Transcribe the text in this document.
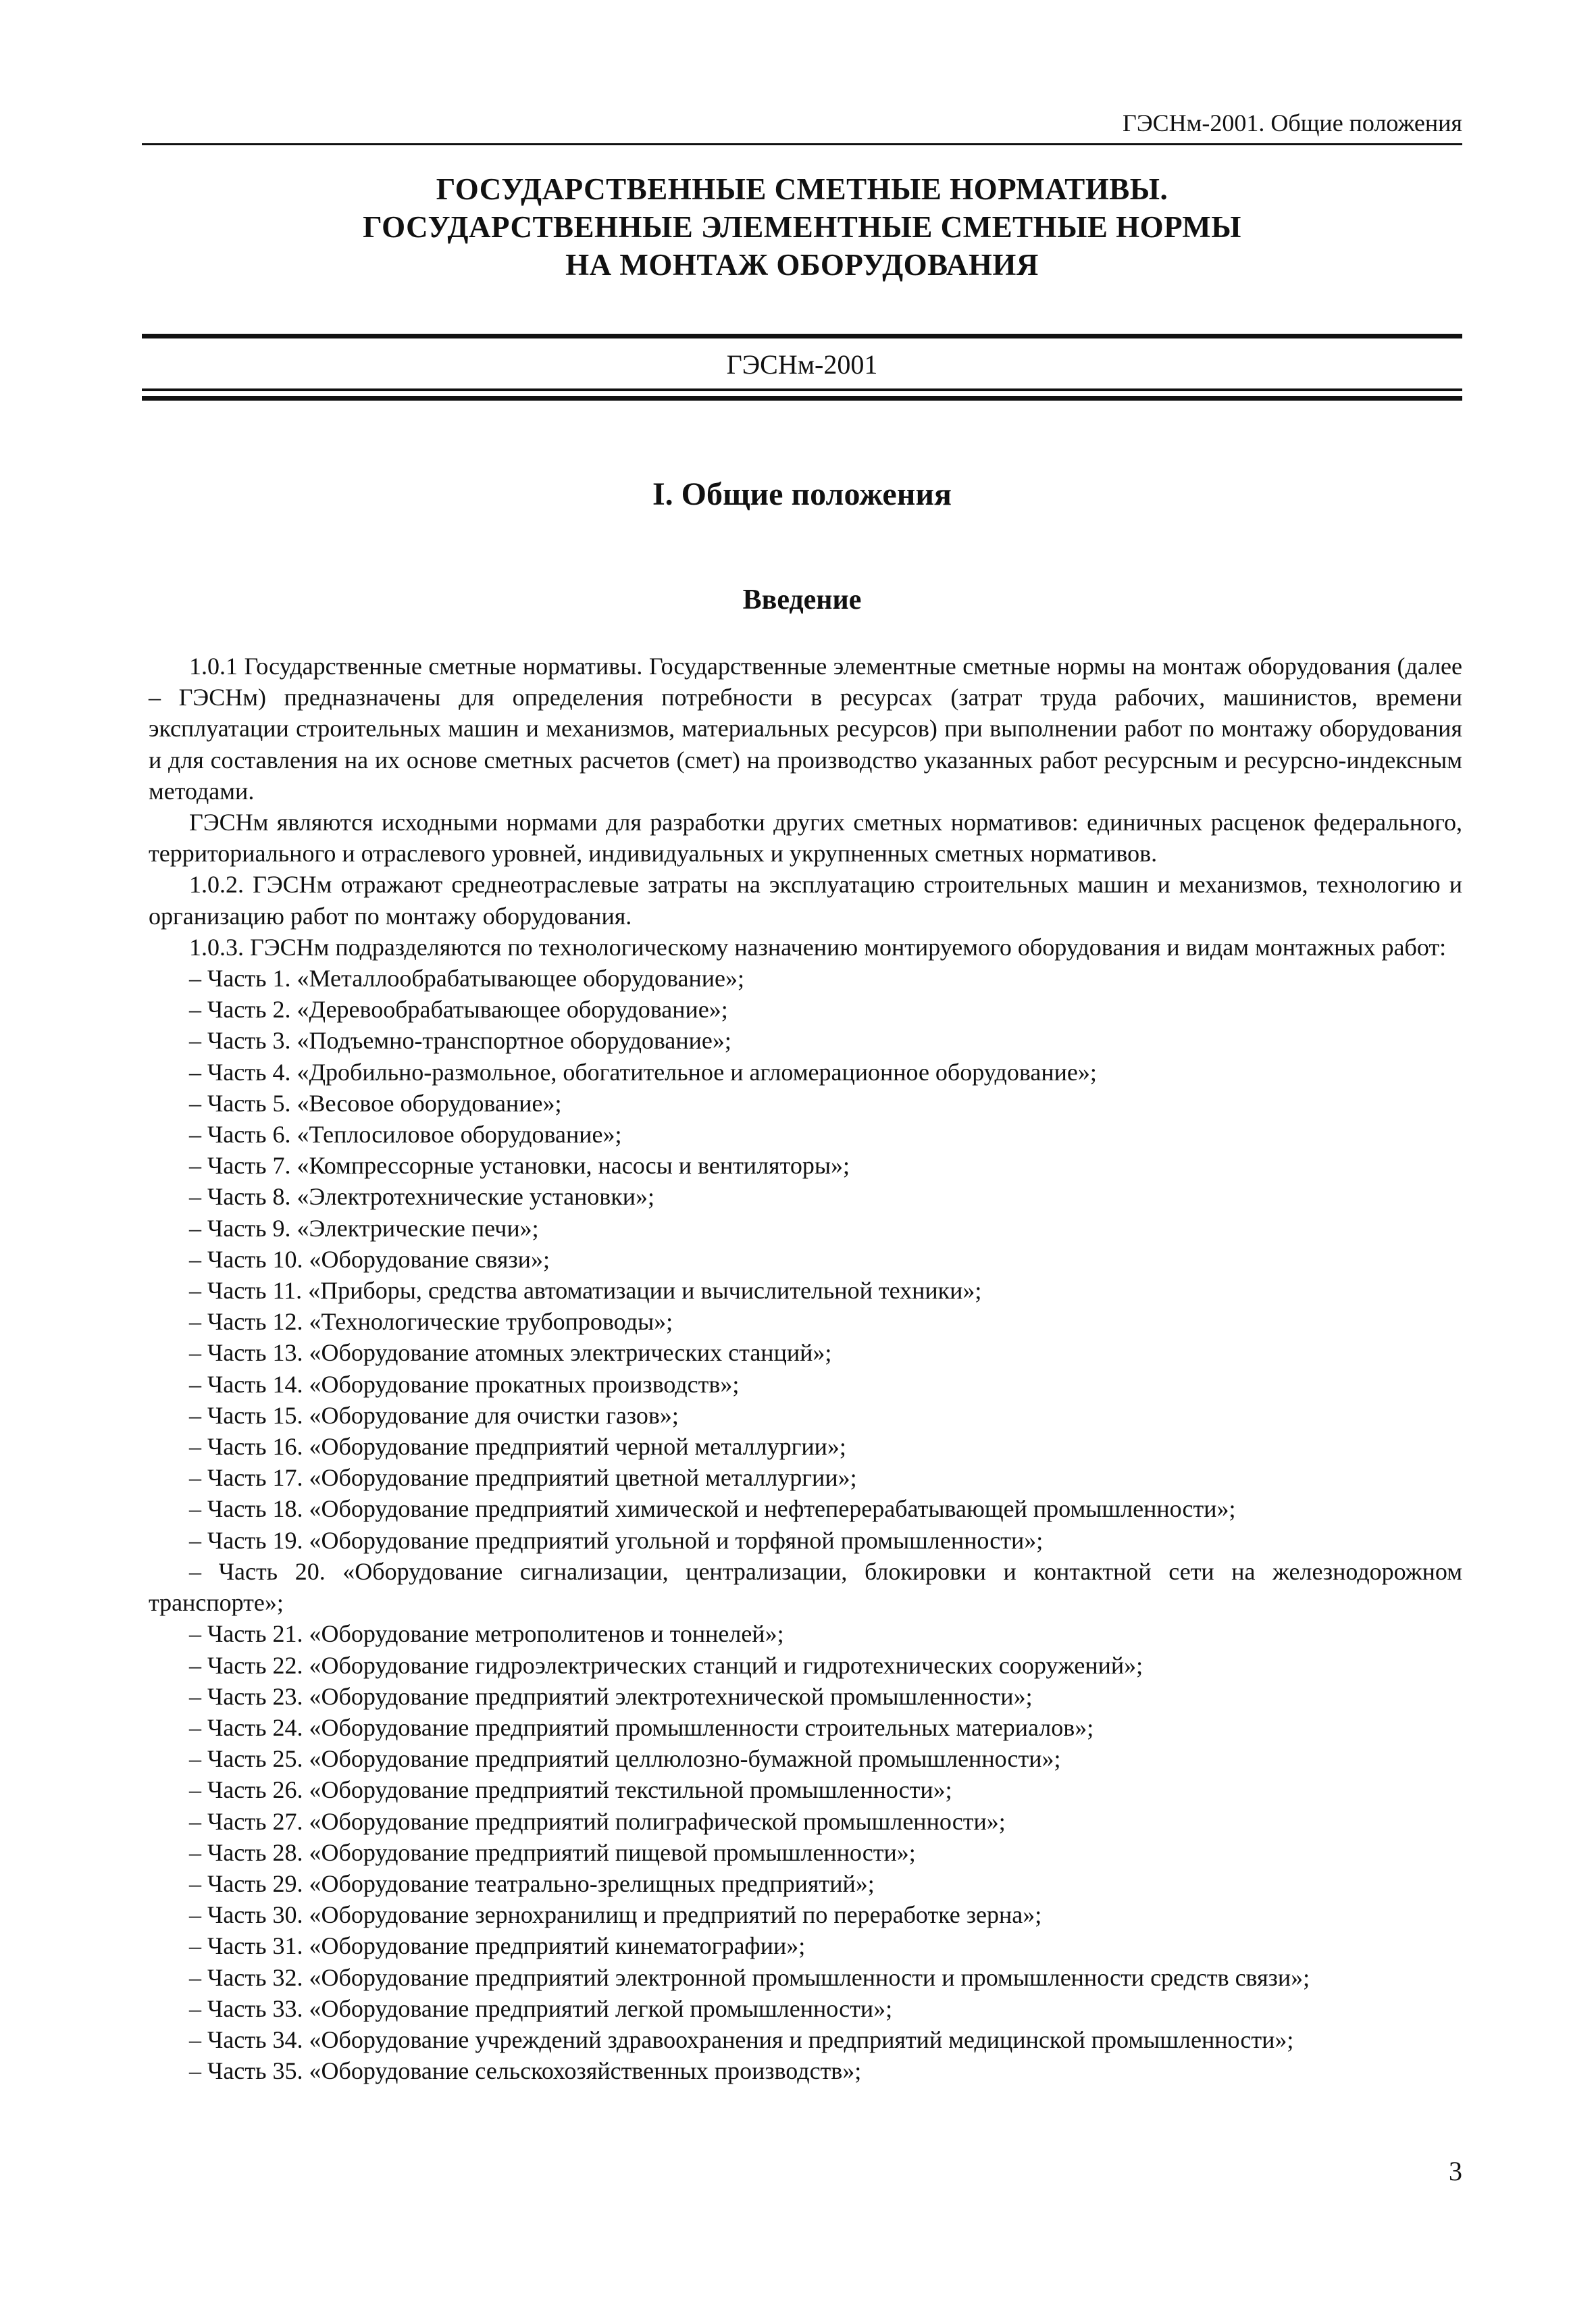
ГЭСНм-2001. Общие положения
ГОСУДАРСТВЕННЫЕ СМЕТНЫЕ НОРМАТИВЫ.
ГОСУДАРСТВЕННЫЕ ЭЛЕМЕНТНЫЕ СМЕТНЫЕ НОРМЫ
НА МОНТАЖ ОБОРУДОВАНИЯ
ГЭСНм-2001
I. Общие положения
Введение

1.0.1 Государственные сметные нормативы. Государственные элементные сметные нормы на монтаж оборудования (далее – ГЭСНм) предназначены для определения потребности в ресурсах (затрат труда рабочих, машинистов, времени эксплуатации строительных машин и механизмов, материальных ресурсов) при выполнении работ по монтажу оборудования и для составления на их основе сметных расчетов (смет) на производство указанных работ ресурсным и ресурсно-индексным методами.

ГЭСНм являются исходными нормами для разработки других сметных нормативов: единичных расценок федерального, территориального и отраслевого уровней, индивидуальных и укрупненных сметных нормативов.

1.0.2. ГЭСНм отражают среднеотраслевые затраты на эксплуатацию строительных машин и механизмов, технологию и организацию работ по монтажу оборудования.

1.0.3. ГЭСНм подразделяются по технологическому назначению монтируемого оборудования и видам монтажных работ:

– Часть 1. «Металлообрабатывающее оборудование»;
– Часть 2. «Деревообрабатывающее оборудование»;
– Часть 3. «Подъемно-транспортное оборудование»;
– Часть 4. «Дробильно-размольное, обогатительное и агломерационное оборудование»;
– Часть 5. «Весовое оборудование»;
– Часть 6. «Теплосиловое оборудование»;
– Часть 7. «Компрессорные установки, насосы и вентиляторы»;
– Часть 8. «Электротехнические установки»;
– Часть 9. «Электрические печи»;
– Часть 10. «Оборудование связи»;
– Часть 11. «Приборы, средства автоматизации и вычислительной техники»;
– Часть 12. «Технологические трубопроводы»;
– Часть 13. «Оборудование атомных электрических станций»;
– Часть 14. «Оборудование прокатных производств»;
– Часть 15. «Оборудование для очистки газов»;
– Часть 16. «Оборудование предприятий черной металлургии»;
– Часть 17. «Оборудование предприятий цветной металлургии»;
– Часть 18. «Оборудование предприятий химической и нефтеперерабатывающей промышленности»;
– Часть 19. «Оборудование предприятий угольной и торфяной промышленности»;
– Часть 20. «Оборудование сигнализации, централизации, блокировки и контактной сети на железнодорожном транспорте»;
– Часть 21. «Оборудование метрополитенов и тоннелей»;
– Часть 22. «Оборудование гидроэлектрических станций и гидротехнических сооружений»;
– Часть 23. «Оборудование предприятий электротехнической промышленности»;
– Часть 24. «Оборудование предприятий промышленности строительных материалов»;
– Часть 25. «Оборудование предприятий целлюлозно-бумажной промышленности»;
– Часть 26. «Оборудование предприятий текстильной промышленности»;
– Часть 27. «Оборудование предприятий полиграфической промышленности»;
– Часть 28. «Оборудование предприятий пищевой промышленности»;
– Часть 29. «Оборудование театрально-зрелищных предприятий»;
– Часть 30. «Оборудование зернохранилищ и предприятий по переработке зерна»;
– Часть 31. «Оборудование предприятий кинематографии»;
– Часть 32. «Оборудование предприятий электронной промышленности и промышленности средств связи»;
– Часть 33. «Оборудование предприятий легкой промышленности»;
– Часть 34. «Оборудование учреждений здравоохранения и предприятий медицинской промышленности»;
– Часть 35. «Оборудование сельскохозяйственных производств»;
3
